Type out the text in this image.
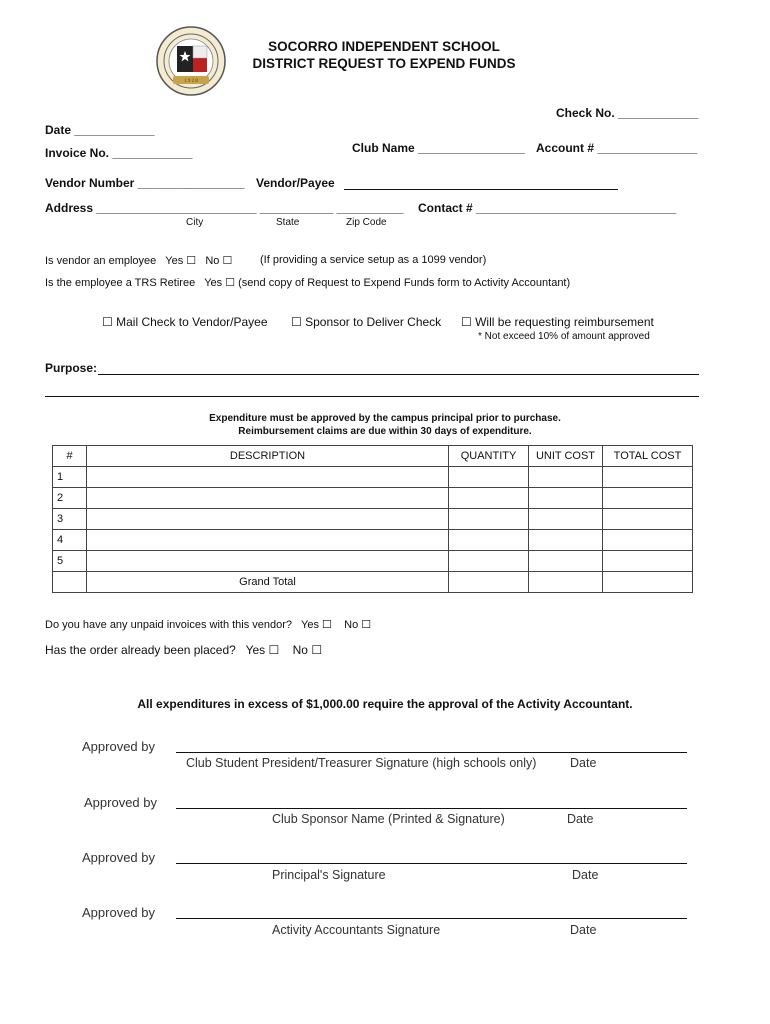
1 9 2 8
SOCORRO INDEPENDENT SCHOOL
DISTRICT REQUEST TO EXPEND FUNDS
Check No. ____________
Date ____________
Invoice No. ____________	Club Name ________________ Account # _______________
Vendor Number ________________ Vendor/Payee
Address ________________________ ___________ __________ Contact # ______________________________
City	State	Zip Code
Is vendor an employee Yes ☐ No ☐	(If providing a service setup as a 1099 vendor)
Is the employee a TRS Retiree Yes ☐ (send copy of Request to Expend Funds form to Activity Accountant)
☐ Mail Check to Vendor/Payee ☐ Sponsor to Deliver Check ☐ Will be requesting reimbursement
* Not exceed 10% of amount approved
Purpose:
Expenditure must be approved by the campus principal prior to purchase.
Reimbursement claims are due within 30 days of expenditure.
#	DESCRIPTION	QUANTITY	UNIT COST	TOTAL COST
1				
2				
3				
4				
5				
	Grand Total			
Do you have any unpaid invoices with this vendor? Yes ☐ No ☐
Has the order already been placed? Yes ☐ No ☐
All expenditures in excess of $1,000.00 require the approval of the Activity Accountant.
Approved by
Club Student President/Treasurer Signature (high schools only)	Date
Approved by
Club Sponsor Name (Printed & Signature)	Date
Approved by
Principal's Signature	Date
Approved by
Activity Accountants Signature	Date
